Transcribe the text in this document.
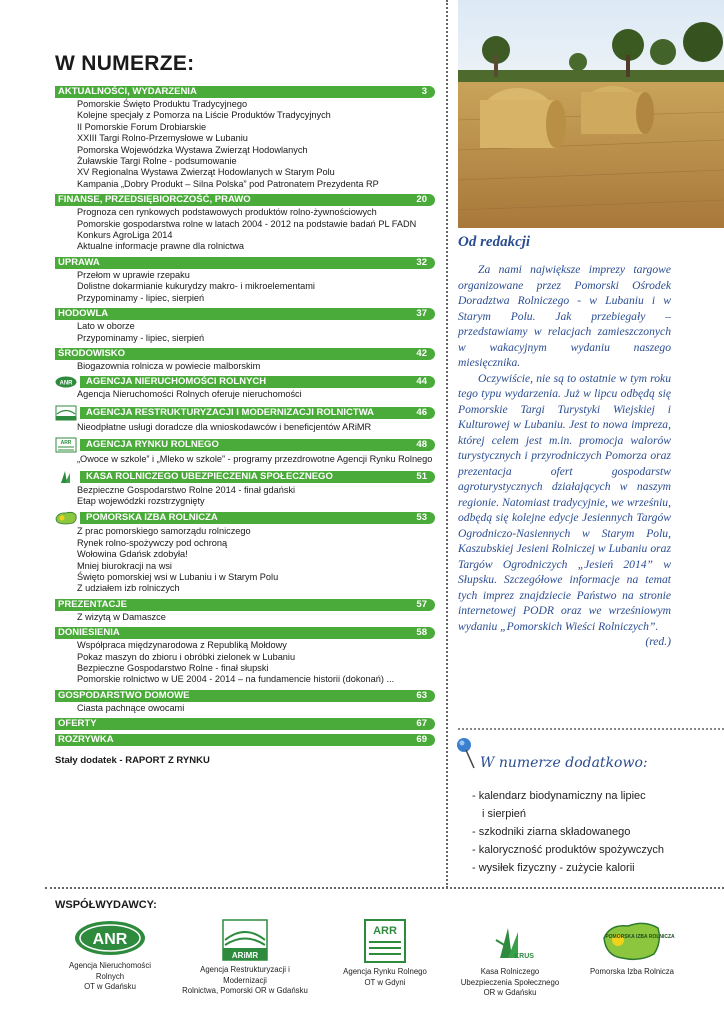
W NUMERZE:
AKTUALNOŚCI, WYDARZENIA	3
Pomorskie Święto Produktu Tradycyjnego
Kolejne specjały z Pomorza na Liście Produktów Tradycyjnych
II Pomorskie Forum Drobiarskie
XXIII Targi Rolno-Przemysłowe w Lubaniu
Pomorska Wojewódzka Wystawa Zwierząt Hodowlanych
Żuławskie Targi Rolne - podsumowanie
XV Regionalna Wystawa Zwierząt Hodowlanych w Starym Polu
Kampania „Dobry Produkt – Silna Polska” pod Patronatem Prezydenta RP
FINANSE, PRZEDSIĘBIORCZOŚĆ, PRAWO	20
Prognoza cen rynkowych podstawowych produktów rolno-żywnościowych
Pomorskie gospodarstwa rolne w latach 2004 - 2012 na podstawie badań PL FADN
Konkurs AgroLiga 2014
Aktualne informacje prawne dla rolnictwa
UPRAWA	32
Przełom w uprawie rzepaku
Dolistne dokarmianie kukurydzy makro- i mikroelementami
Przypominamy - lipiec, sierpień
HODOWLA	37
Lato w oborze
Przypominamy - lipiec, sierpień
ŚRODOWISKO	42
Biogazownia rolnicza w powiecie malborskim
ANR AGENCJA NIERUCHOMOŚCI ROLNYCH	44
Agencja Nieruchomości Rolnych oferuje nieruchomości
AGENCJA RESTRUKTURYZACJI I MODERNIZACJI ROLNICTWA	46
Nieodpłatne usługi doradcze dla wnioskodawców i beneficjentów ARiMR
ARR AGENCJA RYNKU ROLNEGO	48
„Owoce w szkole” i „Mleko w szkole” - programy przezdrowotne Agencji Rynku Rolnego
KASA ROLNICZEGO UBEZPIECZENIA SPOŁECZNEGO	51
Bezpieczne Gospodarstwo Rolne 2014 - finał gdański
Etap wojewódzki rozstrzygnięty
POMORSKA IZBA ROLNICZA	53
Z prac pomorskiego samorządu rolniczego
Rynek rolno-spożywczy pod ochroną
Wołowina Gdańsk zdobyła!
Mniej biurokracji na wsi
Święto pomorskiej wsi w Lubaniu i w Starym Polu
Z udziałem izb rolniczych
PREZENTACJE	57
Z wizytą w Damaszce
DONIESIENIA	58
Współpraca międzynarodowa z Republiką Mołdowy
Pokaz maszyn do zbioru i obróbki zielonek w Lubaniu
Bezpieczne Gospodarstwo Rolne - finał słupski
Pomorskie rolnictwo w UE 2004 - 2014 – na fundamencie historii (dokonań) ...
GOSPODARSTWO DOMOWE	63
Ciasta pachnące owocami
OFERTY	67
ROZRYWKA	69
Stały dodatek - RAPORT Z RYNKU
Od redakcji

Za nami największe imprezy targowe organizowane przez Pomorski Ośrodek Doradztwa Rolniczego - w Lubaniu i w Starym Polu. Jak przebiegały – przedstawiamy w relacjach zamieszczonych w wakacyjnym wydaniu naszego miesięcznika.

Oczywiście, nie są to ostatnie w tym roku tego typu wydarzenia. Już w lipcu odbędą się Pomorskie Targi Turystyki Wiejskiej i Kulturowej w Lubaniu. Jest to nowa impreza, której celem jest m.in. promocja walorów turystycznych i przyrodniczych Pomorza oraz prezentacja ofert gospodarstw agroturystycznych działających w naszym regionie. Natomiast tradycyjnie, we wrześniu, odbędą się kolejne edycje Jesiennych Targów Ogrodniczo-Nasiennych w Starym Polu, Kaszubskiej Jesieni Rolniczej w Lubaniu oraz Targów Ogrodniczych „Jesień 2014” w Słupsku. Szczegółowe informacje na temat tych imprez znajdziecie Państwo na stronie internetowej PODR oraz we wrześniowym wydaniu „Pomorskich Wieści Rolniczych”.

(red.)

W numerze dodatkowo:
- kalendarz biodynamiczny na lipiec
i sierpień
- szkodniki ziarna składowanego
- kaloryczność produktów spożywczych
- wysiłek fizyczny - zużycie kalorii
WSPÓŁWYDAWCY:
ANR
Agencja Nieruchomości Rolnych
OT w Gdańsku
ARiMR
Agencja Restrukturyzacji i Modernizacji
Rolnictwa, Pomorski OR w Gdańsku
ARR
Agencja Rynku Rolnego
OT w Gdyni
KRUS
Kasa Rolniczego
Ubezpieczenia Społecznego
OR w Gdańsku
POMORSKA IZBA ROLNICZA
Pomorska Izba Rolnicza
